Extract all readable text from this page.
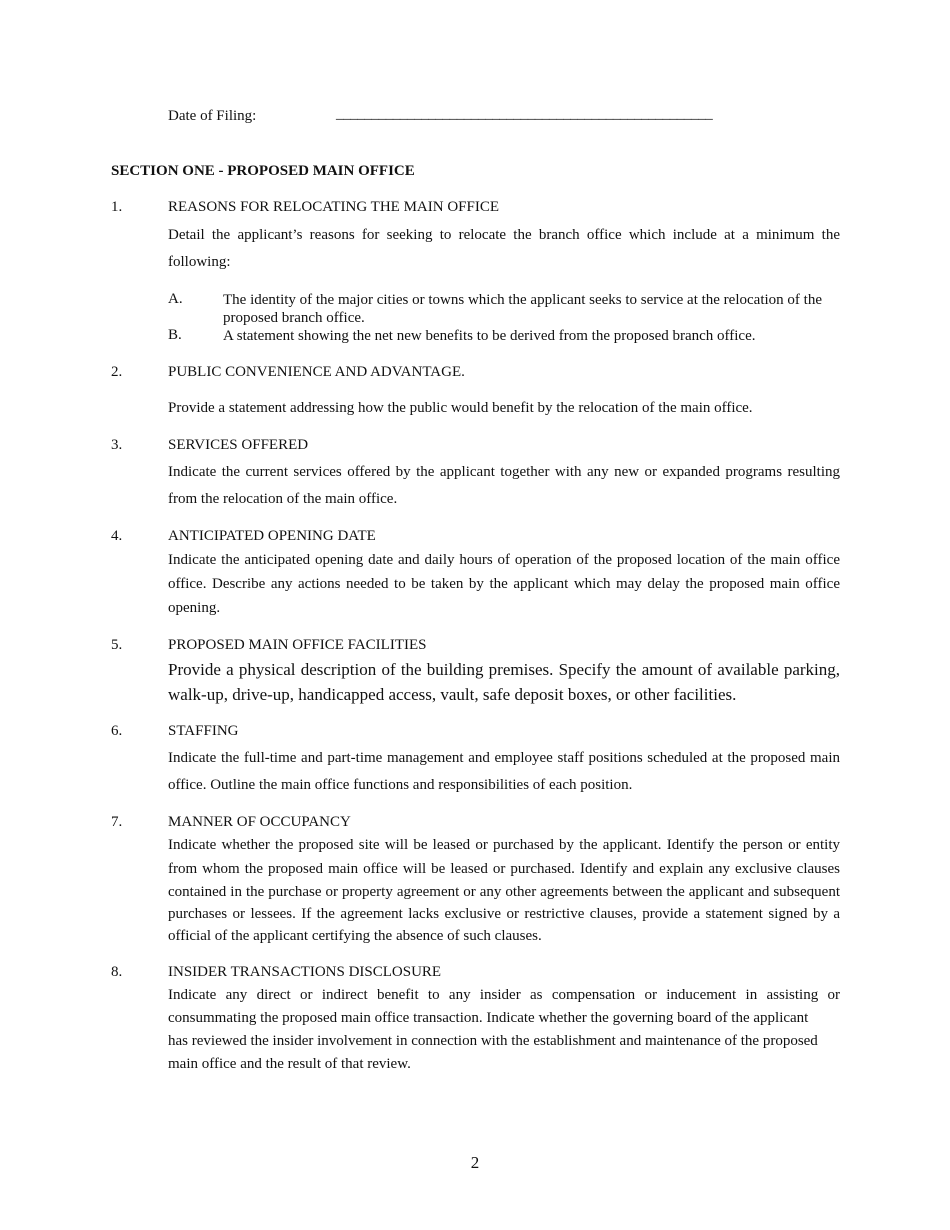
Date of Filing:	_____________________________________________________
SECTION ONE - PROPOSED MAIN OFFICE
1.	REASONS FOR RELOCATING THE MAIN OFFICE
Detail the applicant’s reasons for seeking to relocate the branch office which include at a minimum the
following:
A.	The identity of the major cities or towns which the applicant seeks to service at the relocation of the proposed branch office.
B.	A statement showing the net new benefits to be derived from the proposed branch office.
2.	PUBLIC CONVENIENCE AND ADVANTAGE.
Provide a statement addressing how the public would benefit by the relocation of the main office.
3.	SERVICES OFFERED
Indicate the current services offered by the applicant together with any new or expanded programs resulting
from the relocation of the main office.
4.	ANTICIPATED OPENING DATE
Indicate the anticipated opening date and daily hours of operation of the proposed location of the main office
office. Describe any actions needed to be taken by the applicant which may delay the proposed main office
opening.
5.	PROPOSED MAIN OFFICE FACILITIES
Provide a physical description of the building premises. Specify the amount of available parking,
walk-up, drive-up, handicapped access, vault, safe deposit boxes, or other facilities.
6.	STAFFING
Indicate the full-time and part-time management and employee staff positions scheduled at the proposed main
office. Outline the main office functions and responsibilities of each position.
7.	MANNER OF OCCUPANCY
Indicate whether the proposed site will be leased or purchased by the applicant. Identify the person or entity
from whom the proposed main office will be leased or purchased. Identify and explain any exclusive clauses
contained in the purchase or property agreement or any other agreements between the applicant and subsequent
purchases or lessees. If the agreement lacks exclusive or restrictive clauses, provide a statement signed by a
official of the applicant certifying the absence of such clauses.
8.	INSIDER TRANSACTIONS DISCLOSURE
Indicate any direct or indirect benefit to any insider as compensation or inducement in assisting or
consummating the proposed main office transaction. Indicate whether the governing board of the applicant
has reviewed the insider involvement in connection with the establishment and maintenance of the proposed
main office and the result of that review.
2
